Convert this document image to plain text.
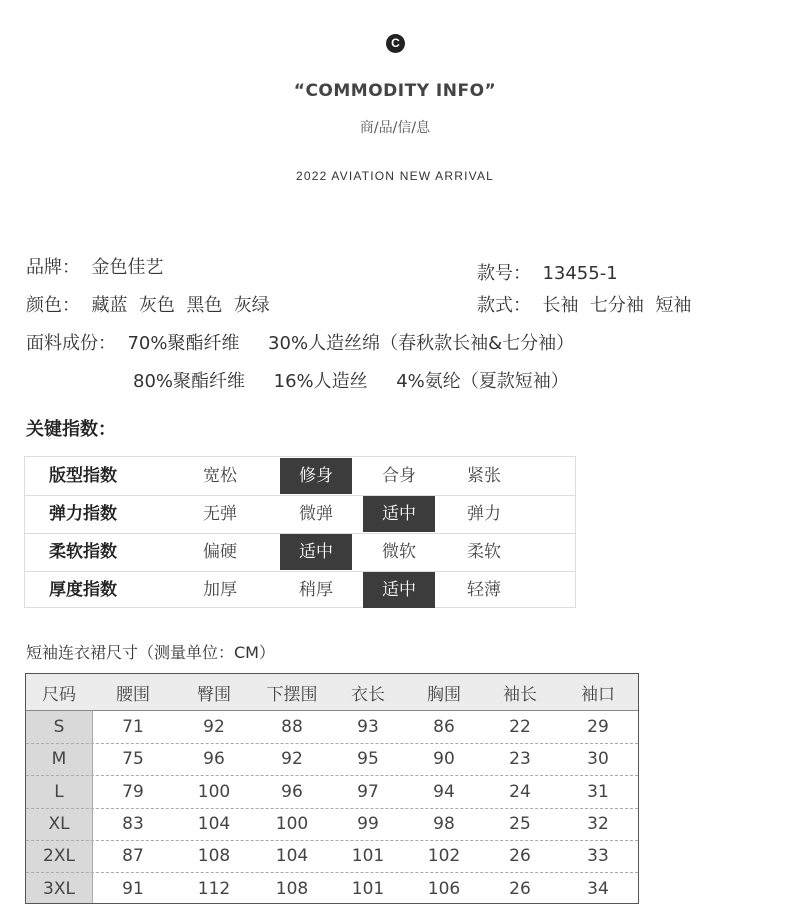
C
“COMMODITY INFO”
商/品/信/息
2022 AVIATION NEW ARRIVAL
品牌：  金色佳艺	款号：  13455-1
颜色：  藏蓝  灰色  黑色  灰绿	款式：  长袖  七分袖  短袖
面料成份：  70%聚酯纤维     30%人造丝绵（春秋款长袖&七分袖）
80%聚酯纤维     16%人造丝     4%氨纶（夏款短袖）
关键指数：
版型指数	宽松	修身	合身	紧张
弹力指数	无弹	微弹	适中	弹力
柔软指数	偏硬	适中	微软	柔软
厚度指数	加厚	稍厚	适中	轻薄
短袖连衣裙尺寸（测量单位：CM）
尺码	腰围	臀围	下摆围	衣长	胸围	袖长	袖口
S	71	92	88	93	86	22	29
M	75	96	92	95	90	23	30
L	79	100	96	97	94	24	31
XL	83	104	100	99	98	25	32
2XL	87	108	104	101	102	26	33
3XL	91	112	108	101	106	26	34
